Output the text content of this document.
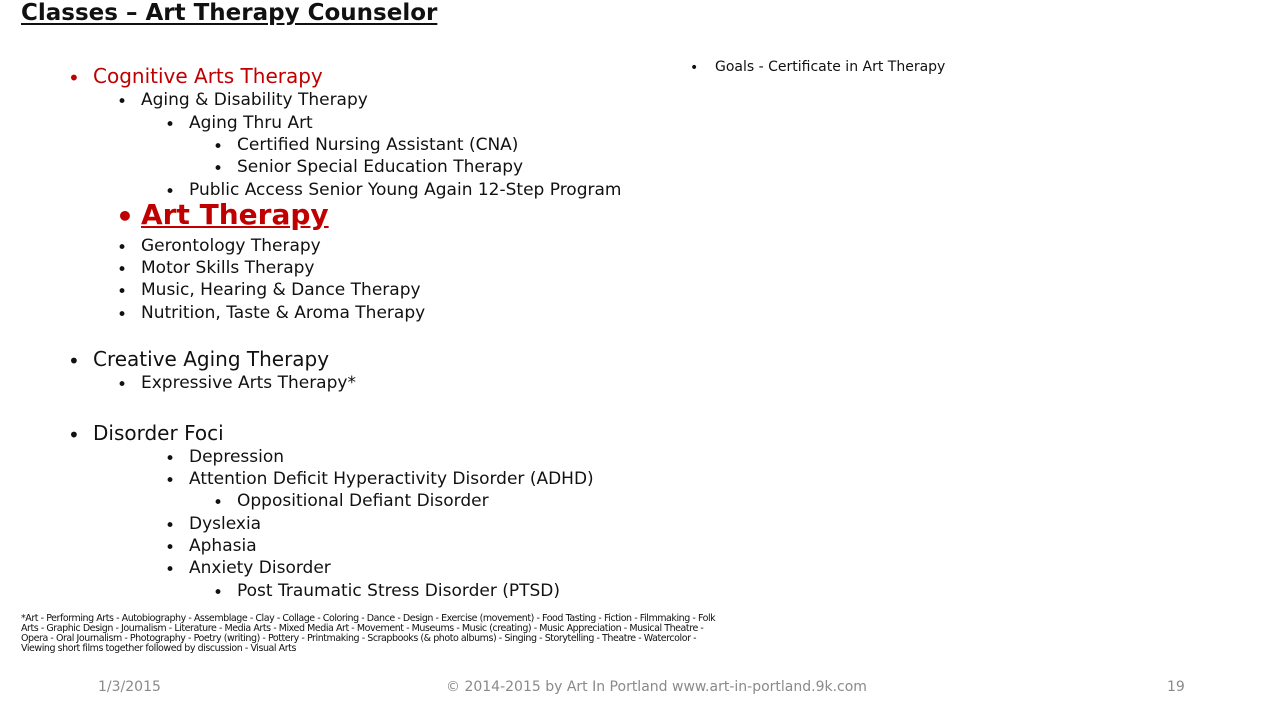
Classes – Art Therapy Counselor
• Goals - Certificate in Art Therapy
• Cognitive Arts Therapy
• Aging & Disability Therapy
• Aging Thru Art
• Certified Nursing Assistant (CNA)
• Senior Special Education Therapy
• Public Access Senior Young Again 12-Step Program
• Art Therapy
• Gerontology Therapy
• Motor Skills Therapy
• Music, Hearing & Dance Therapy
• Nutrition, Taste & Aroma Therapy
• Creative Aging Therapy
• Expressive Arts Therapy*
• Disorder Foci
• Depression
• Attention Deficit Hyperactivity Disorder (ADHD)
• Oppositional Defiant Disorder
• Dyslexia
• Aphasia
• Anxiety Disorder
• Post Traumatic Stress Disorder (PTSD)
*Art - Performing Arts - Autobiography - Assemblage - Clay - Collage - Coloring - Dance - Design - Exercise (movement) - Food Tasting - Fiction - Filmmaking - Folk Arts - Graphic Design - Journalism - Literature - Media Arts - Mixed Media Art - Movement - Museums - Music (creating) - Music Appreciation - Musical Theatre - Opera - Oral Journalism - Photography - Poetry (writing) - Pottery - Printmaking - Scrapbooks (& photo albums) - Singing - Storytelling - Theatre - Watercolor - Viewing short films together followed by discussion - Visual Arts
1/3/2015	© 2014-2015 by Art In Portland www.art-in-portland.9k.com	19
